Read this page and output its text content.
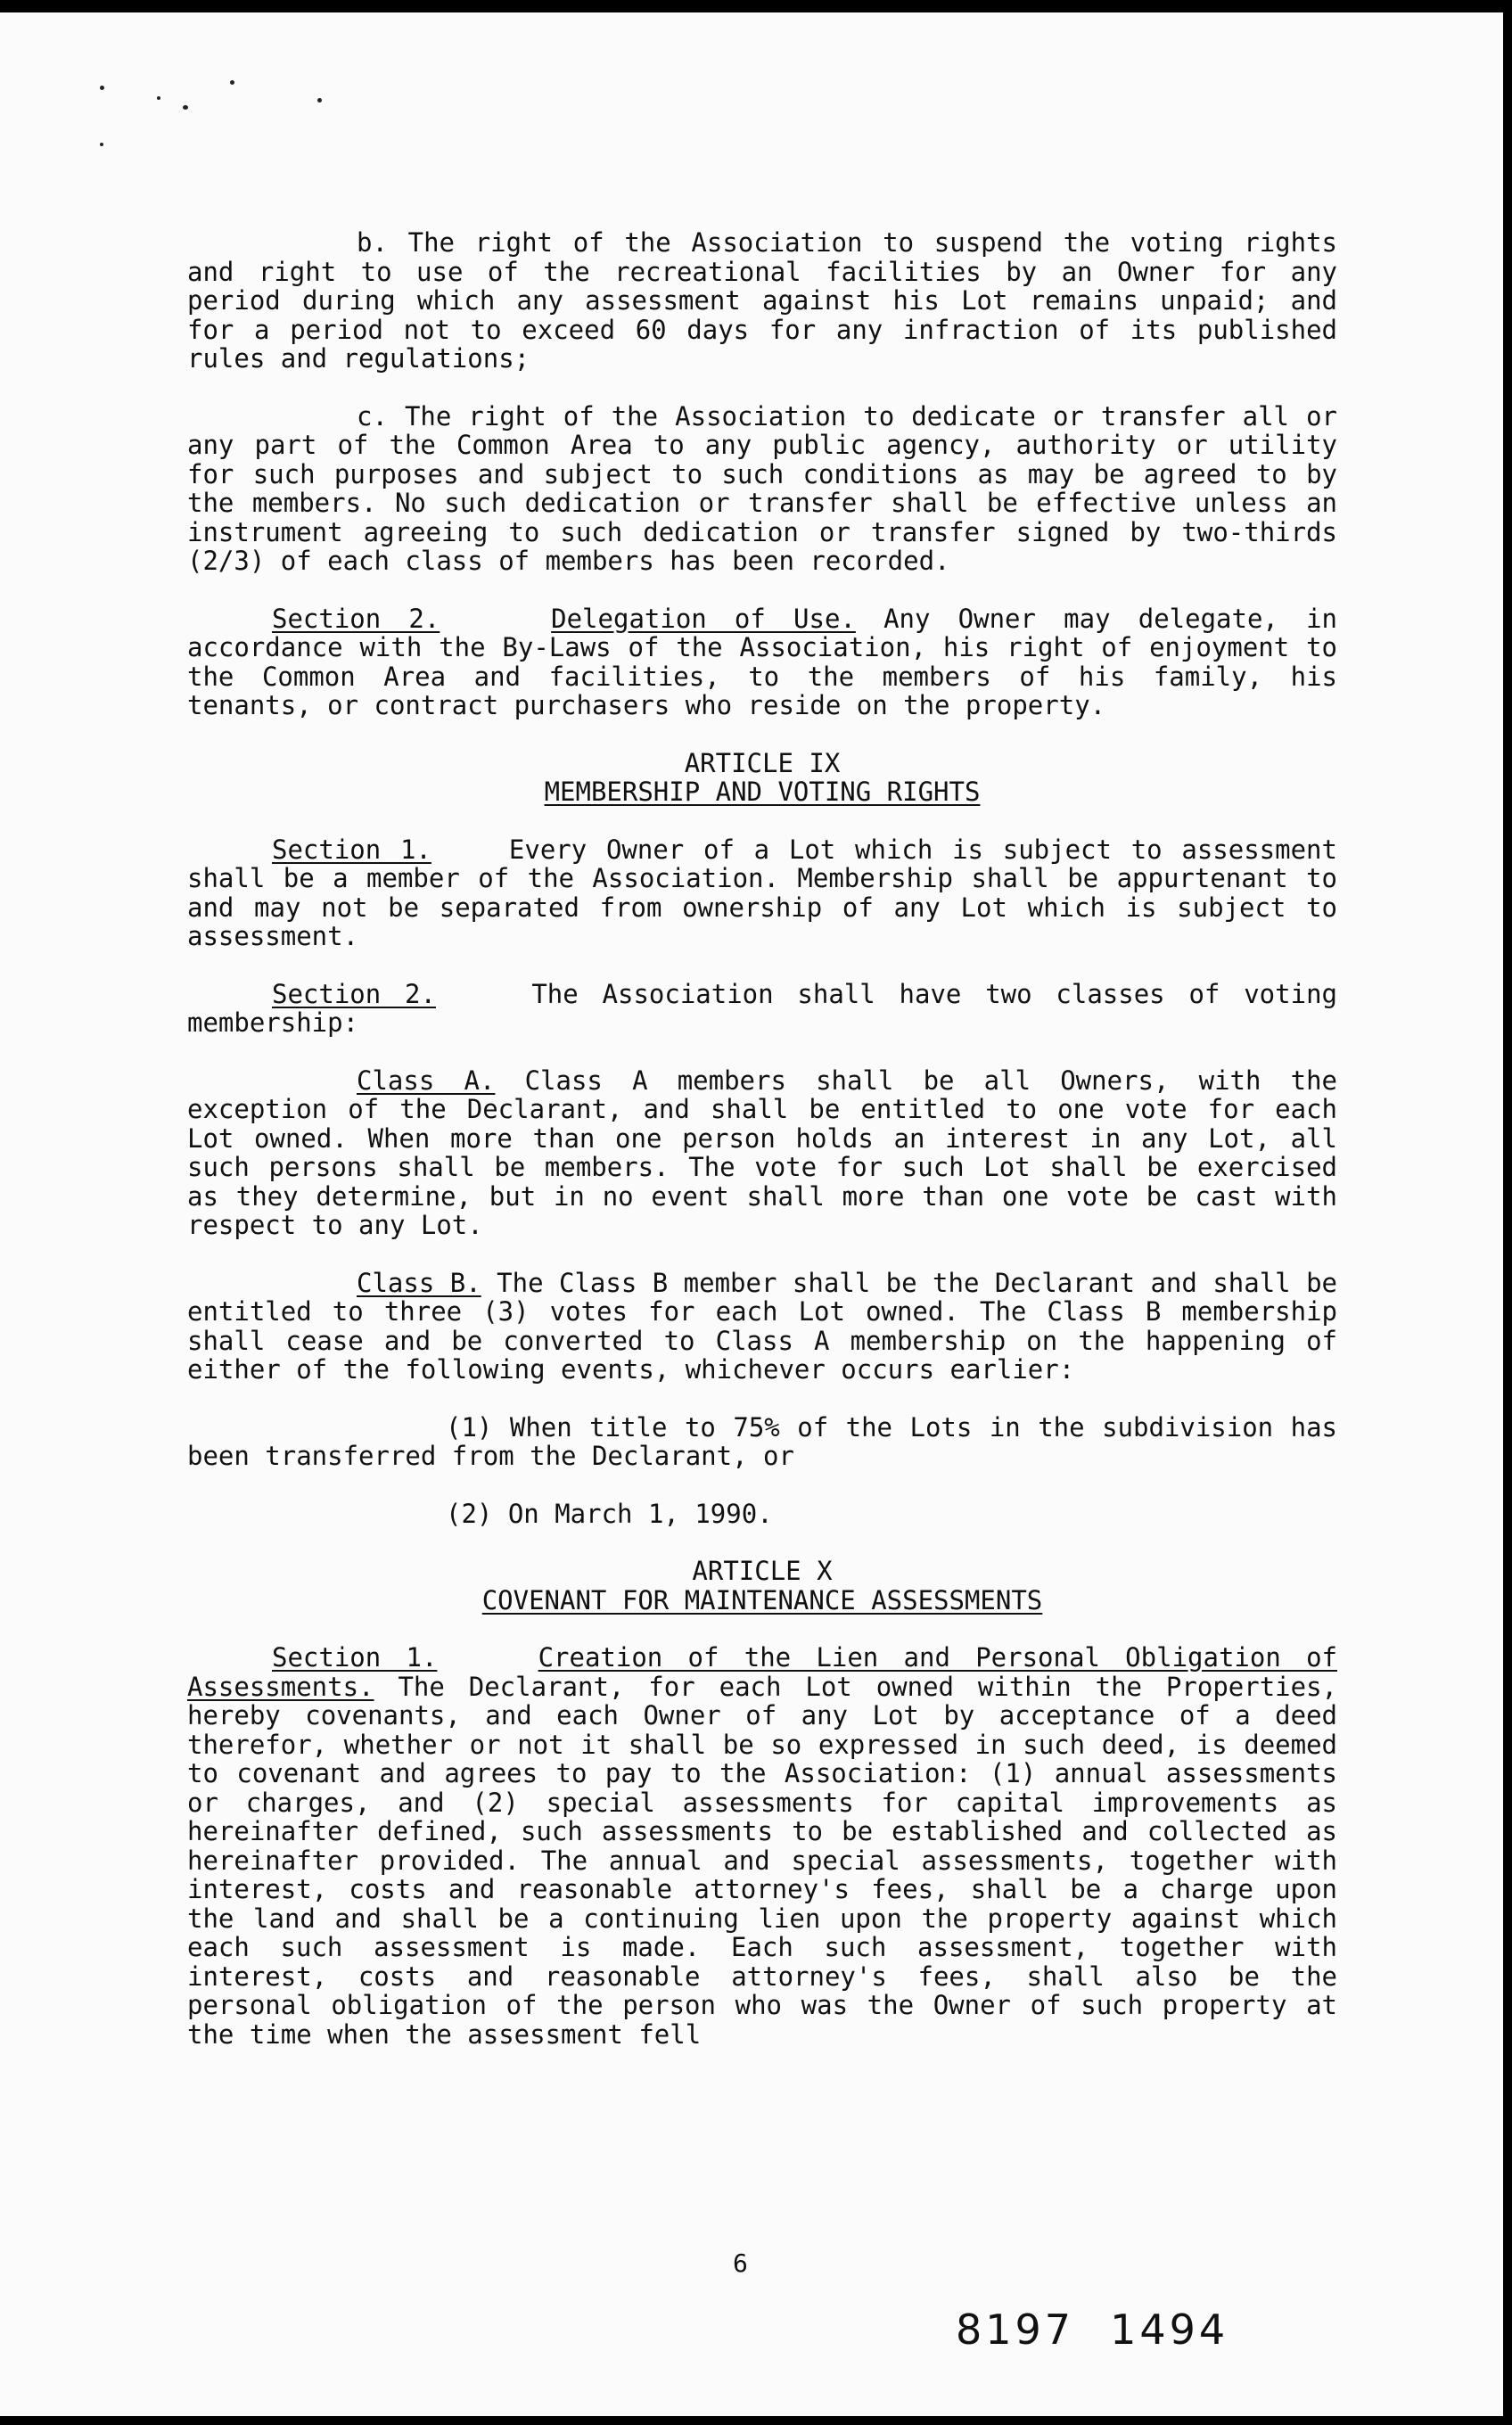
b. The right of the Association to suspend the voting rights and right to use of the recreational facilities by an Owner for any period during which any assessment against his Lot remains unpaid; and for a period not to exceed 60 days for any infraction of its published rules and regulations;

c. The right of the Association to dedicate or transfer all or any part of the Common Area to any public agency, authority or utility for such purposes and subject to such conditions as may be agreed to by the members. No such dedication or transfer shall be effective unless an instrument agreeing to such dedication or transfer signed by two-thirds (2/3) of each class of members has been recorded.

Section 2.	Delegation of Use. Any Owner may delegate, in accordance with the By-Laws of the Association, his right of enjoyment to the Common Area and facilities, to the members of his family, his tenants, or contract purchasers who reside on the property.

ARTICLE IX

MEMBERSHIP AND VOTING RIGHTS

Section 1.	Every Owner of a Lot which is subject to assessment shall be a member of the Association. Membership shall be appurtenant to and may not be separated from ownership of any Lot which is subject to assessment.

Section 2.	The Association shall have two classes of voting membership:

Class A. Class A members shall be all Owners, with the exception of the Declarant, and shall be entitled to one vote for each Lot owned. When more than one person holds an interest in any Lot, all such persons shall be members. The vote for such Lot shall be exercised as they determine, but in no event shall more than one vote be cast with respect to any Lot.

Class B. The Class B member shall be the Declarant and shall be entitled to three (3) votes for each Lot owned. The Class B membership shall cease and be converted to Class A membership on the happening of either of the following events, whichever occurs earlier:

(1) When title to 75% of the Lots in the subdivision has been transferred from the Declarant, or

(2) On March 1, 1990.

ARTICLE X

COVENANT FOR MAINTENANCE ASSESSMENTS

Section 1.	Creation of the Lien and Personal Obligation of Assessments. The Declarant, for each Lot owned within the Properties, hereby covenants, and each Owner of any Lot by acceptance of a deed therefor, whether or not it shall be so expressed in such deed, is deemed to covenant and agrees to pay to the Association: (1) annual assessments or charges, and (2) special assessments for capital improvements as hereinafter defined, such assessments to be established and collected as hereinafter provided. The annual and special assessments, together with interest, costs and reasonable attorney's fees, shall be a charge upon the land and shall be a continuing lien upon the property against which each such assessment is made. Each such assessment, together with interest, costs and reasonable attorney's fees, shall also be the personal obligation of the person who was the Owner of such property at the time when the assessment fell

6
8197 1494
